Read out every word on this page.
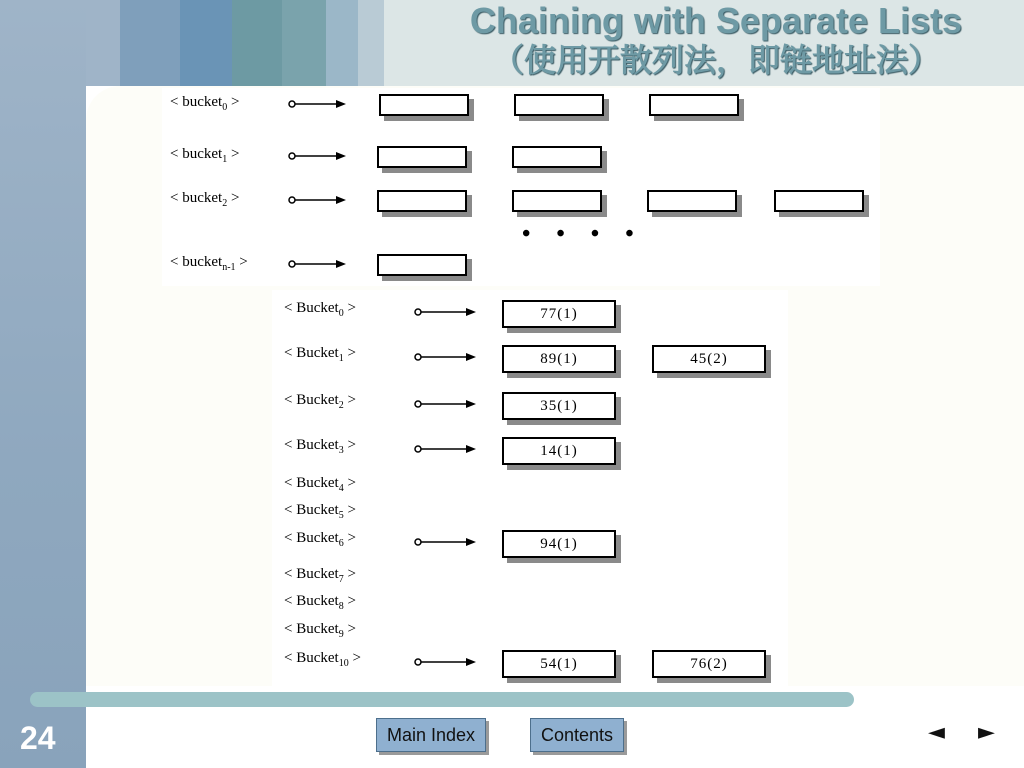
Chaining with Separate Lists
（使用开散列法，即链地址法）
< bucket$_0$ >
< bucket$_1$ >
< bucket$_2$ >
< bucket$_{n-1}$ >
• • • •
< Bucket$_0$ >	77(1)
< Bucket$_1$ >	89(1)	45(2)
< Bucket$_2$ >	35(1)
< Bucket$_3$ >	14(1)
< Bucket$_4$ >
< Bucket$_5$ >
< Bucket$_6$ >	94(1)
< Bucket$_7$ >
< Bucket$_8$ >
< Bucket$_9$ >
< Bucket$_{10}$ >	54(1)	76(2)
24	Main Index	Contents	◄ ►
